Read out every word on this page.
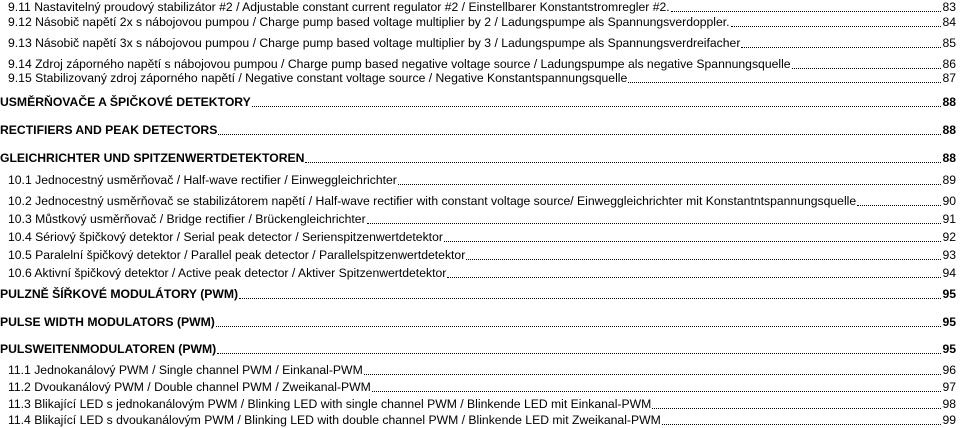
9.11 Nastavitelný proudový stabilizátor #2 / Adjustable constant current regulator #2 / Einstellbarer Konstantstromregler #2.	83
9.12 Násobič napětí 2x s nábojovou pumpou / Charge pump based voltage multiplier by 2 / Ladungspumpe als Spannungsverdoppler.	84
9.13 Násobič napětí 3x s nábojovou pumpou / Charge pump based voltage multiplier by 3 / Ladungspumpe als Spannungsverdreifacher	85
9.14 Zdroj záporného napětí s nábojovou pumpou / Charge pump based negative voltage source / Ladungspumpe als negative Spannungsquelle	86
9.15 Stabilizovaný zdroj záporného napětí / Negative constant voltage source / Negative Konstantspannungsquelle	87
USMĚRŇOVAČE A ŠPIČKOVÉ DETEKTORY	88
RECTIFIERS AND PEAK DETECTORS	88
GLEICHRICHTER UND SPITZENWERTDETEKTOREN	88
10.1 Jednocestný usměrňovač / Half-wave rectifier / Einweggleichrichter	89
10.2 Jednocestný usměrňovač se stabilizátorem napětí / Half-wave rectifier with constant voltage source/ Einweggleichrichter mit Konstantntspannungsquelle	90
10.3 Můstkový usměrňovač / Bridge rectifier / Brückengleichrichter	91
10.4 Sériový špičkový detektor / Serial peak detector / Serienspitzenwertdetektor	92
10.5 Paralelní špičkový detektor / Parallel peak detector / Parallelspitzenwertdetektor	93
10.6 Aktivní špičkový detektor / Active peak detector / Aktiver Spitzenwertdetektor	94
PULZNĚ ŠÍŘKOVÉ MODULÁTORY (PWM)	95
PULSE WIDTH MODULATORS (PWM)	95
PULSWEITENMODULATOREN (PWM)	95
11.1 Jednokanálový PWM / Single channel PWM / Einkanal-PWM	96
11.2 Dvoukanálový PWM / Double channel PWM / Zweikanal-PWM	97
11.3 Blikající LED s jednokanálovým PWM / Blinking LED with single channel PWM / Blinkende LED mit Einkanal-PWM	98
11.4 Blikající LED s dvoukanálovým PWM / Blinking LED with double channel PWM / Blinkende LED mit Zweikanal-PWM	99
